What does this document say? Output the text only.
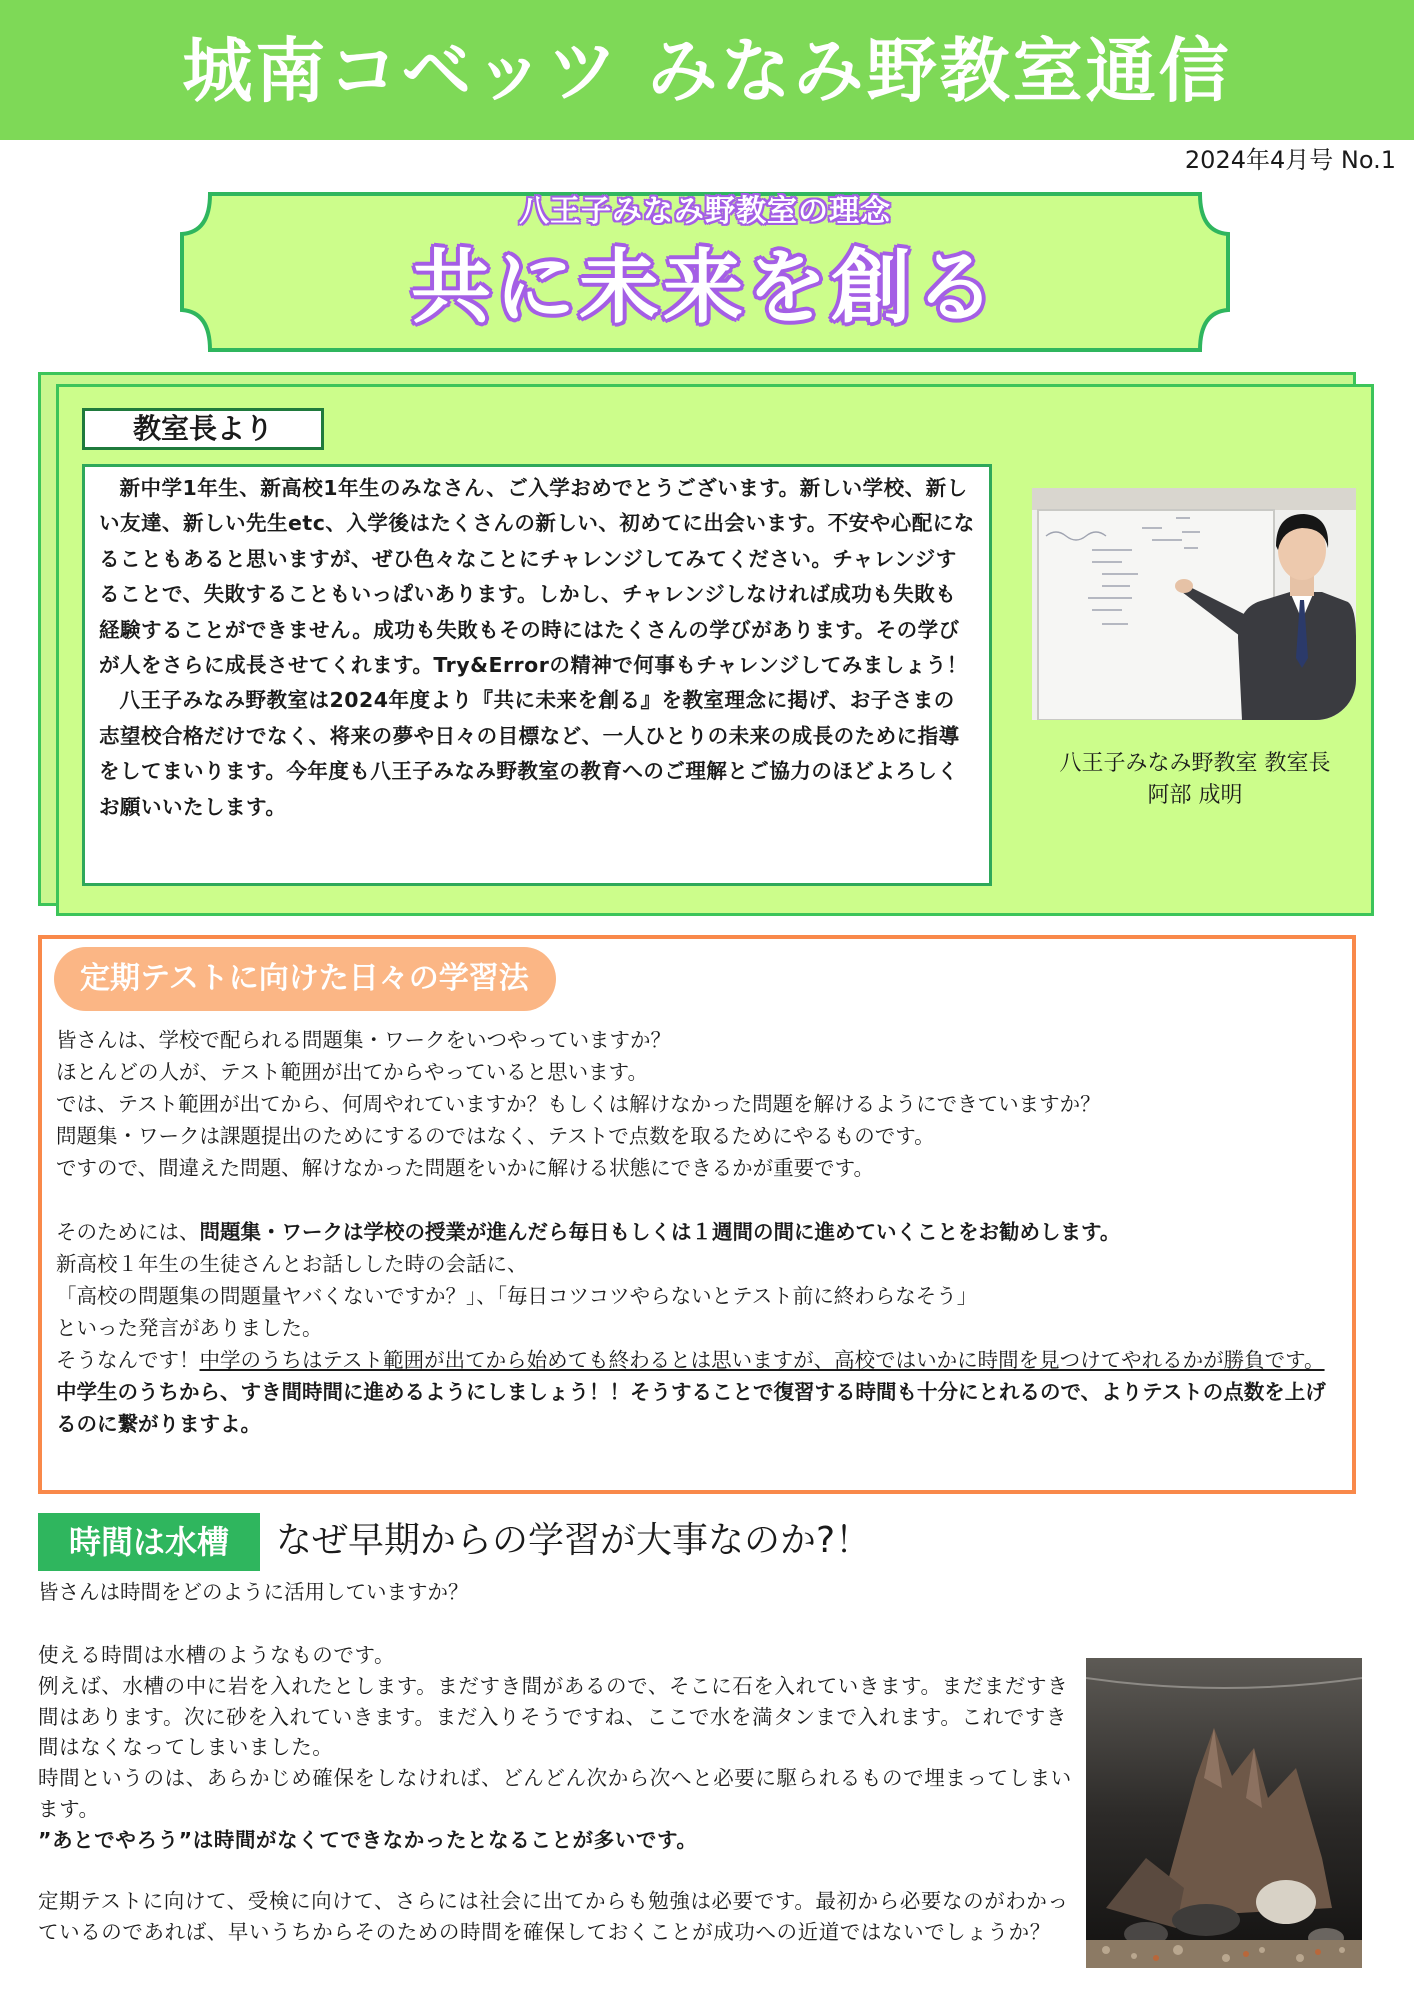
城南コベッツ みなみ野教室通信
2024年4月号 No.1
八王子みなみ野教室の理念
共に未来を創る
教室長より

新中学1年生、新高校1年生のみなさん、ご入学おめでとうございます。新しい学校、新しい友達、新しい先生etc、入学後はたくさんの新しい、初めてに出会います。不安や心配になることもあると思いますが、ぜひ色々なことにチャレンジしてみてください。チャレンジすることで、失敗することもいっぱいあります。しかし、チャレンジしなければ成功も失敗も経験することができません。成功も失敗もその時にはたくさんの学びがあります。その学びが人をさらに成長させてくれます。Try&Errorの精神で何事もチャレンジしてみましょう！

八王子みなみ野教室は2024年度より『共に未来を創る』を教室理念に掲げ、お子さまの志望校合格だけでなく、将来の夢や日々の目標など、一人ひとりの未来の成長のために指導をしてまいります。今年度も八王子みなみ野教室の教育へのご理解とご協力のほどよろしくお願いいたします。

八王子みなみ野教室 教室長
阿部 成明
定期テストに向けた日々の学習法
皆さんは、学校で配られる問題集・ワークをいつやっていますか？
ほとんどの人が、テスト範囲が出てからやっていると思います。
では、テスト範囲が出てから、何周やれていますか？もしくは解けなかった問題を解けるようにできていますか？
問題集・ワークは課題提出のためにするのではなく、テストで点数を取るためにやるものです。
ですので、間違えた問題、解けなかった問題をいかに解ける状態にできるかが重要です。
そのためには、問題集・ワークは学校の授業が進んだら毎日もしくは１週間の間に進めていくことをお勧めします。
新高校１年生の生徒さんとお話しした時の会話に、
「高校の問題集の問題量ヤバくないですか？」、「毎日コツコツやらないとテスト前に終わらなそう」
といった発言がありました。
そうなんです！中学のうちはテスト範囲が出てから始めても終わるとは思いますが、高校ではいかに時間を見つけてやれるかが勝負です。
中学生のうちから、すき間時間に進めるようにしましょう！！そうすることで復習する時間も十分にとれるので、よりテストの点数を上げるのに繋がりますよ。
時間は水槽	なぜ早期からの学習が大事なのか?！
皆さんは時間をどのように活用していますか？
使える時間は水槽のようなものです。
例えば、水槽の中に岩を入れたとします。まだすき間があるので、そこに石を入れていきます。まだまだすき間はあります。次に砂を入れていきます。まだ入りそうですね、ここで水を満タンまで入れます。これですき間はなくなってしまいました。
時間というのは、あらかじめ確保をしなければ、どんどん次から次へと必要に駆られるもので埋まってしまいます。
”あとでやろう”は時間がなくてできなかったとなることが多いです。
定期テストに向けて、受検に向けて、さらには社会に出てからも勉強は必要です。最初から必要なのがわかっているのであれば、早いうちからそのための時間を確保しておくことが成功への近道ではないでしょうか？
